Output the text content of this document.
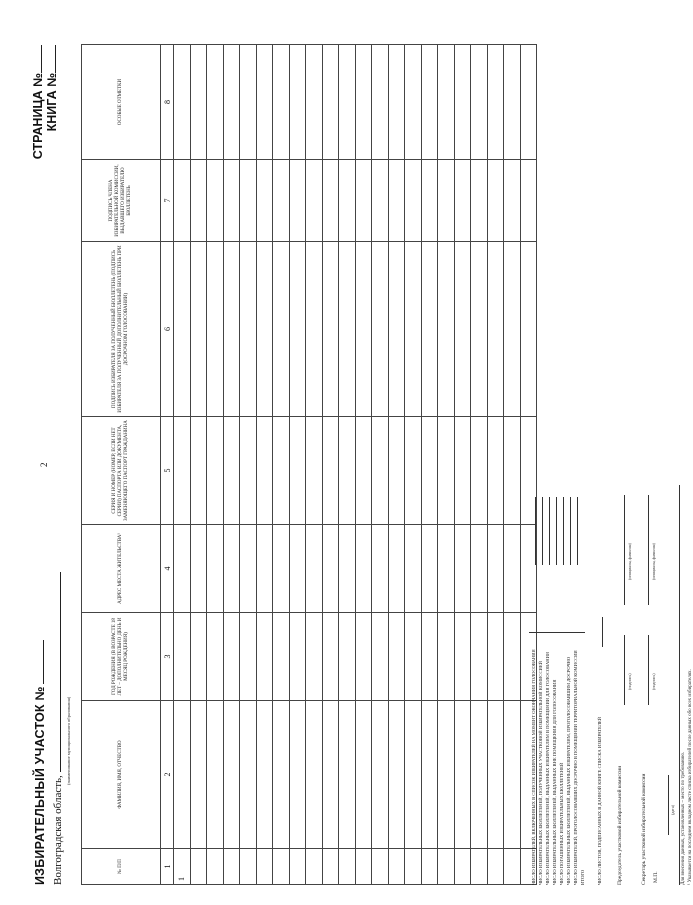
ИЗБИРАТЕЛЬНЫЙ УЧАСТОК № Волгоградская область,
(наименование муниципального образования)
2
СТРАНИЦА № КНИГА №
№ П/П	ФАМИЛИЯ, ИМЯ, ОТЧЕСТВО	ГОД РОЖДЕНИЯ (В ВОЗРАСТЕ 18 ЛЕТ – ДОПОЛНИТЕЛЬНО ДЕНЬ И МЕСЯЦ РОЖДЕНИЯ)	АДРЕС МЕСТА ЖИТЕЛЬСТВА¹	СЕРИЯ И НОМЕР (НОМЕР, ЕСЛИ НЕТ СЕРИИ) ПАСПОРТА ИЛИ ДОКУМЕНТА, ЗАМЕНЯЮЩЕГО ПАСПОРТ ГРАЖДАНИНА	ПОДПИСЬ ИЗБИРАТЕЛЯ ЗА ПОЛУЧЕННЫЙ БЮЛЛЕТЕНЬ (ПОДПИСЬ ИЗБИРАТЕЛЯ ЗА ПОЛУЧЕННЫЙ ДОПОЛНИТЕЛЬНЫЙ БЮЛЛЕТЕНЬ ПРИ ДОСРОЧНОМ ГОЛОСОВАНИИ)	ПОДПИСЬ ЧЛЕНА ИЗБИРАТЕЛЬНОЙ КОМИССИИ, ВЫДАВШЕГО ИЗБИРАТЕЛЮ БЮЛЛЕТЕНЬ	ОСОБЫЕ ОТМЕТКИ
1	2	3	4	5	6	7	8
1							

								ЧИСЛО ИЗБИРАТЕЛЕЙ, ВКЛЮЧЕННЫХ В СПИСОК ИЗБИРАТЕЛЕЙ НА МОМЕНТ ОКОНЧАНИЯ ГОЛОСОВАНИЯ ЧИСЛО ИЗБИРАТЕЛЬНЫХ БЮЛЛЕТЕНЕЙ, ПОЛУЧЕННЫХ УЧАСТКОВОЙ ИЗБИРАТЕЛЬНОЙ КОМИССИЕЙ ЧИСЛО ИЗБИРАТЕЛЬНЫХ БЮЛЛЕТЕНЕЙ, ВЫДАННЫХ ИЗБИРАТЕЛЯМ В ПОМЕЩЕНИИ ДЛЯ ГОЛОСОВАНИЯ ЧИСЛО ИЗБИРАТЕЛЬНЫХ БЮЛЛЕТЕНЕЙ, ВЫДАННЫХ ВНЕ ПОМЕЩЕНИЯ ДЛЯ ГОЛОСОВАНИЯ ЧИСЛО ПОГАШЕННЫХ ИЗБИРАТЕЛЬНЫХ БЮЛЛЕТЕНЕЙ ЧИСЛО ИЗБИРАТЕЛЬНЫХ БЮЛЛЕТЕНЕЙ, ВЫДАННЫХ ИЗБИРАТЕЛЯМ, ПРОГОЛОСОВАВШИМ ДОСРОЧНО ЧИСЛО ИЗБИРАТЕЛЕЙ, ПРОГОЛОСОВАВШИХ ДОСРОЧНО В ПОМЕЩЕНИИ ТЕРРИТОРИАЛЬНОЙ КОМИССИИ ИТОГО	ЧИСЛО ЛИСТОВ, ПОДПИСАННЫХ В ДАННОЙ КНИГЕ СПИСКА ИЗБИРАТЕЛЕЙ	Председатель участковой избирательной комиссии
(подпись)
(инициалы, фамилия)
Секретарь участковой избирательной комиссии
(подпись)
(инициалы, фамилия)
М.П.
(дата) Для внесения данных, установленных – место по требованию. ¹ Указывается на последнем вкладном листе списка избирателей после данных обо всех избирателях.
